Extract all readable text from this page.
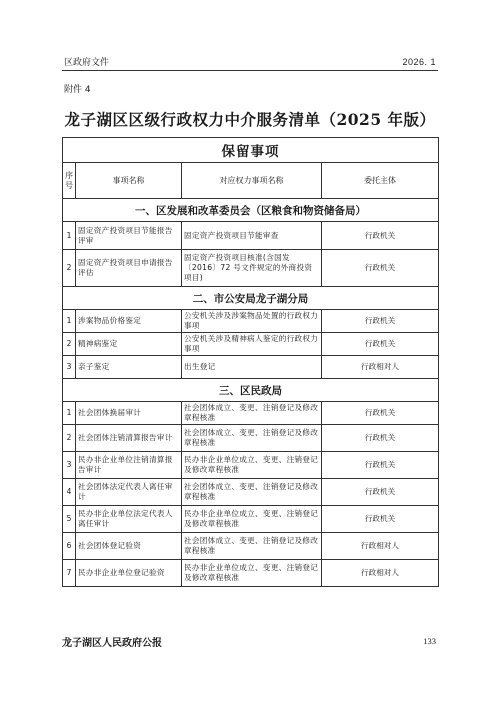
区政府文件	2026. 1
附件 4
龙子湖区区级行政权力中介服务清单（2025 年版）
保留事项			
序号	事项名称	对应权力事项名称	委托主体
一、区发展和改革委员会（区粮食和物资储备局）			
1	固定资产投资项目节能报告评审	固定资产投资项目节能审查	行政机关
2	固定资产投资项目申请报告评估	固定资产投资项目核准(含国发〔2016〕72 号文件规定的外商投资项目)	行政机关
二、市公安局龙子湖分局			
1	涉案物品价格鉴定	公安机关涉及涉案物品处置的行政权力事项	行政机关
2	精神病鉴定	公安机关涉及精神病人鉴定的行政权力事项	行政机关
3	亲子鉴定	出生登记	行政相对人
三、区民政局			
1	社会团体换届审计	社会团体成立、变更、注销登记及修改章程核准	行政机关
2	社会团体注销清算报告审计	社会团体成立、变更、注销登记及修改章程核准	行政机关
3	民办非企业单位注销清算报告审计	民办非企业单位成立、变更、注销登记及修改章程核准	行政机关
4	社会团体法定代表人离任审计	社会团体成立、变更、注销登记及修改章程核准	行政机关
5	民办非企业单位法定代表人离任审计	民办非企业单位成立、变更、注销登记及修改章程核准	行政机关
6	社会团体登记验资	社会团体成立、变更、注销登记及修改章程核准	行政相对人
7	民办非企业单位登记验资	民办非企业单位成立、变更、注销登记及修改章程核准	行政相对人
龙子湖区人民政府公报	133
